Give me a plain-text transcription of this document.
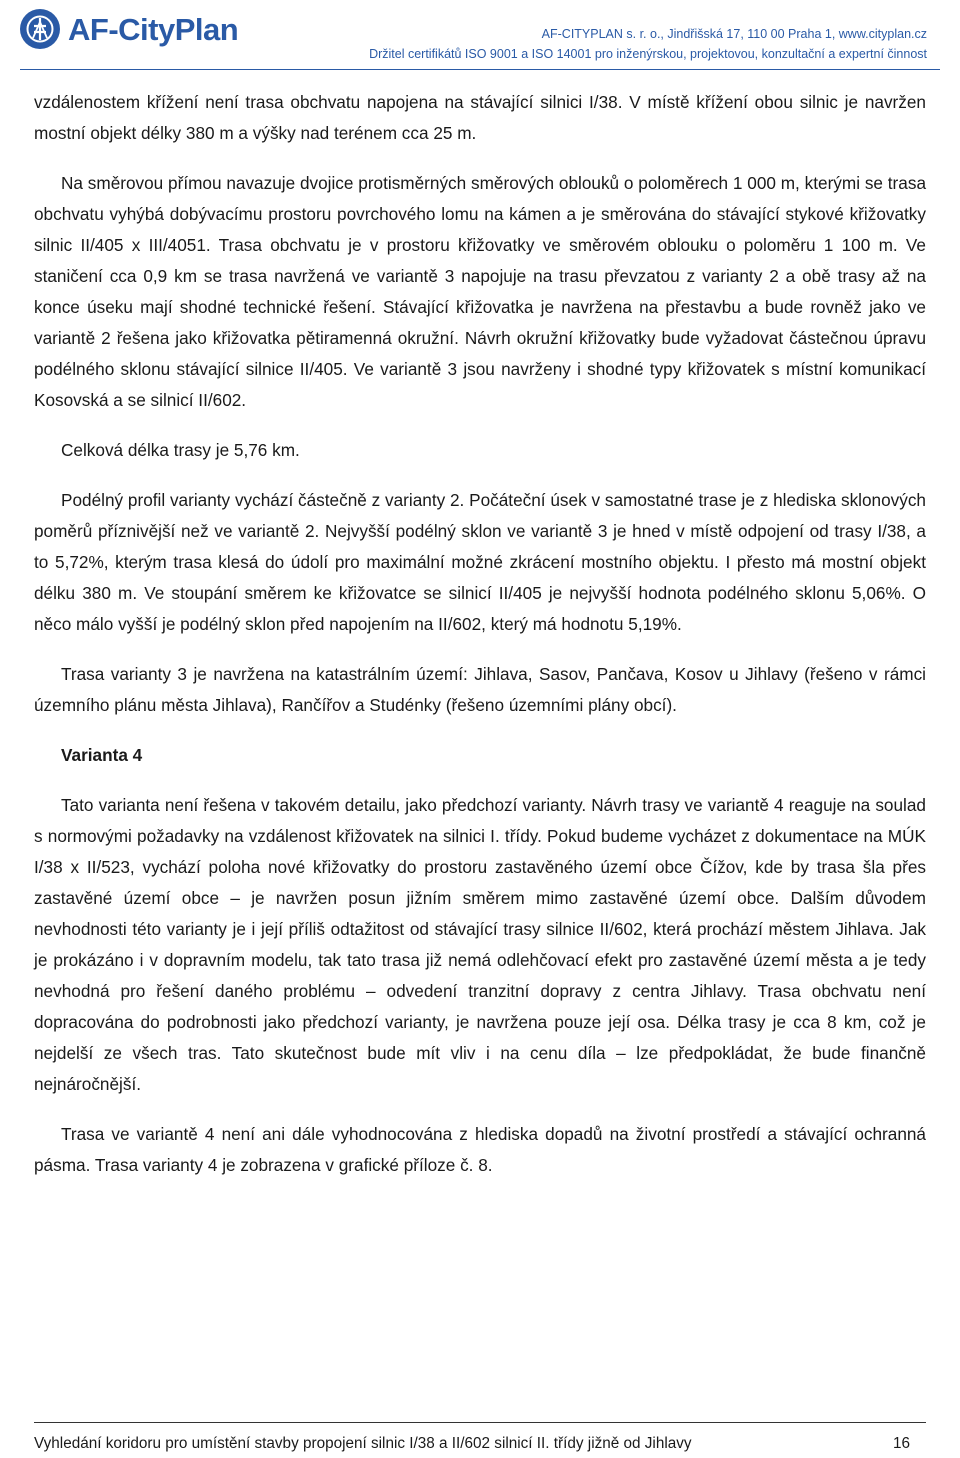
AF-CityPlan	AF-CITYPLAN s. r. o., Jindřišská 17, 110 00 Praha 1, www.cityplan.cz
Držitel certifikátů ISO 9001 a ISO 14001 pro inženýrskou, projektovou, konzultační a expertní činnost

vzdálenostem křížení není trasa obchvatu napojena na stávající silnici I/38. V místě křížení obou silnic je navržen mostní objekt délky 380 m a výšky nad terénem cca 25 m.

Na směrovou přímou navazuje dvojice protisměrných směrových oblouků o poloměrech 1 000 m, kterými se trasa obchvatu vyhýbá dobývacímu prostoru povrchového lomu na kámen a je směrována do stávající stykové křižovatky silnic II/405 x III/4051. Trasa obchvatu je v prostoru křižovatky ve směrovém oblouku o poloměru 1 100 m. Ve staničení cca 0,9 km se trasa navržená ve variantě 3 napojuje na trasu převzatou z varianty 2 a obě trasy až na konce úseku mají shodné technické řešení. Stávající křižovatka je navržena na přestavbu a bude rovněž jako ve variantě 2 řešena jako křižovatka pětiramenná okružní. Návrh okružní křižovatky bude vyžadovat částečnou úpravu podélného sklonu stávající silnice II/405. Ve variantě 3 jsou navrženy i shodné typy křižovatek s místní komunikací Kosovská a se silnicí II/602.

Celková délka trasy je 5,76 km.

Podélný profil varianty vychází částečně z varianty 2. Počáteční úsek v samostatné trase je z hlediska sklonových poměrů příznivější než ve variantě 2. Nejvyšší podélný sklon ve variantě 3 je hned v místě odpojení od trasy I/38, a to 5,72%, kterým trasa klesá do údolí pro maximální možné zkrácení mostního objektu. I přesto má mostní objekt délku 380 m. Ve stoupání směrem ke křižovatce se silnicí II/405 je nejvyšší hodnota podélného sklonu 5,06%. O něco málo vyšší je podélný sklon před napojením na II/602, který má hodnotu 5,19%.

Trasa varianty 3 je navržena na katastrálním území: Jihlava, Sasov, Pančava, Kosov u Jihlavy (řešeno v rámci územního plánu města Jihlava), Rančířov a Studénky (řešeno územními plány obcí).

Varianta 4

Tato varianta není řešena v takovém detailu, jako předchozí varianty. Návrh trasy ve variantě 4 reaguje na soulad s normovými požadavky na vzdálenost křižovatek na silnici I. třídy. Pokud budeme vycházet z dokumentace na MÚK I/38 x II/523, vychází poloha nové křižovatky do prostoru zastavěného území obce Čížov, kde by trasa šla přes zastavěné území obce – je navržen posun jižním směrem mimo zastavěné území obce. Dalším důvodem nevhodnosti této varianty je i její příliš odtažitost od stávající trasy silnice II/602, která prochází městem Jihlava. Jak je prokázáno i v dopravním modelu, tak tato trasa již nemá odlehčovací efekt pro zastavěné území města a je tedy nevhodná pro řešení daného problému – odvedení tranzitní dopravy z centra Jihlavy. Trasa obchvatu není dopracována do podrobnosti jako předchozí varianty, je navržena pouze její osa. Délka trasy je cca 8 km, což je nejdelší ze všech tras. Tato skutečnost bude mít vliv i na cenu díla – lze předpokládat, že bude finančně nejnáročnější.

Trasa ve variantě 4 není ani dále vyhodnocována z hlediska dopadů na životní prostředí a stávající ochranná pásma. Trasa varianty 4 je zobrazena v grafické příloze č. 8.

Vyhledání koridoru pro umístění stavby propojení silnic I/38 a II/602 silnicí II. třídy jižně od Jihlavy	16
